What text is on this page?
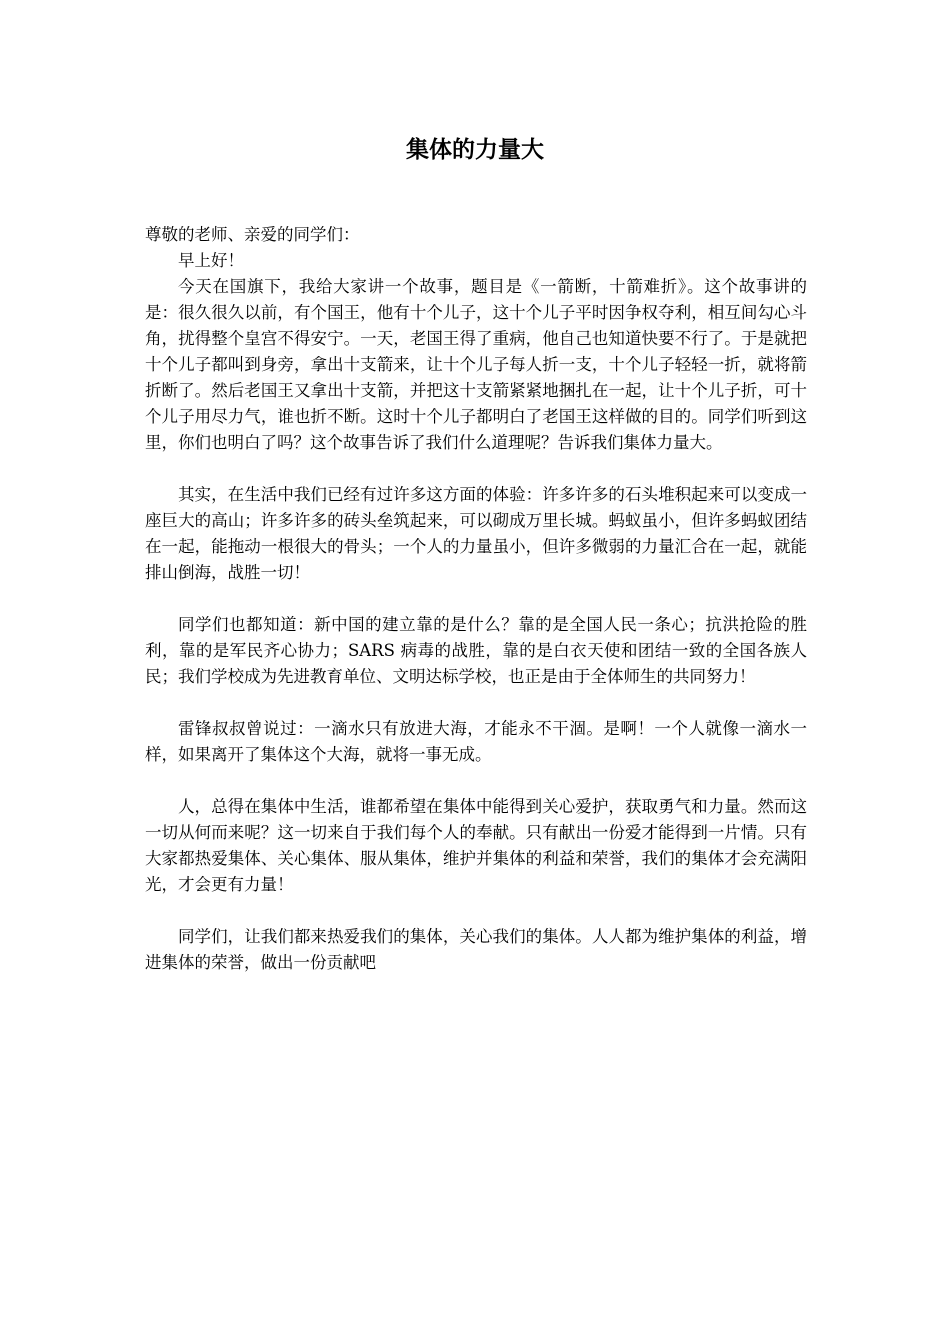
集体的力量大

尊敬的老师、亲爱的同学们：

早上好！

今天在国旗下，我给大家讲一个故事，题目是《一箭断，十箭难折》。这个故事讲的是：很久很久以前，有个国王，他有十个儿子，这十个儿子平时因争权夺利，相互间勾心斗角，扰得整个皇宫不得安宁。一天，老国王得了重病，他自己也知道快要不行了。于是就把十个儿子都叫到身旁，拿出十支箭来，让十个儿子每人折一支，十个儿子轻轻一折，就将箭折断了。然后老国王又拿出十支箭，并把这十支箭紧紧地捆扎在一起，让十个儿子折，可十个儿子用尽力气，谁也折不断。这时十个儿子都明白了老国王这样做的目的。同学们听到这里，你们也明白了吗？这个故事告诉了我们什么道理呢？告诉我们集体力量大。

其实，在生活中我们已经有过许多这方面的体验：许多许多的石头堆积起来可以变成一座巨大的高山；许多许多的砖头垒筑起来，可以砌成万里长城。蚂蚁虽小，但许多蚂蚁团结在一起，能拖动一根很大的骨头；一个人的力量虽小，但许多微弱的力量汇合在一起，就能排山倒海，战胜一切！

同学们也都知道：新中国的建立靠的是什么？靠的是全国人民一条心；抗洪抢险的胜利，靠的是军民齐心协力；SARS 病毒的战胜，靠的是白衣天使和团结一致的全国各族人民；我们学校成为先进教育单位、文明达标学校，也正是由于全体师生的共同努力！

雷锋叔叔曾说过：一滴水只有放进大海，才能永不干涸。是啊！一个人就像一滴水一样，如果离开了集体这个大海，就将一事无成。

人，总得在集体中生活，谁都希望在集体中能得到关心爱护，获取勇气和力量。然而这一切从何而来呢？这一切来自于我们每个人的奉献。只有献出一份爱才能得到一片情。只有大家都热爱集体、关心集体、服从集体，维护并集体的利益和荣誉，我们的集体才会充满阳光，才会更有力量！

同学们，让我们都来热爱我们的集体，关心我们的集体。人人都为维护集体的利益，增进集体的荣誉，做出一份贡献吧
